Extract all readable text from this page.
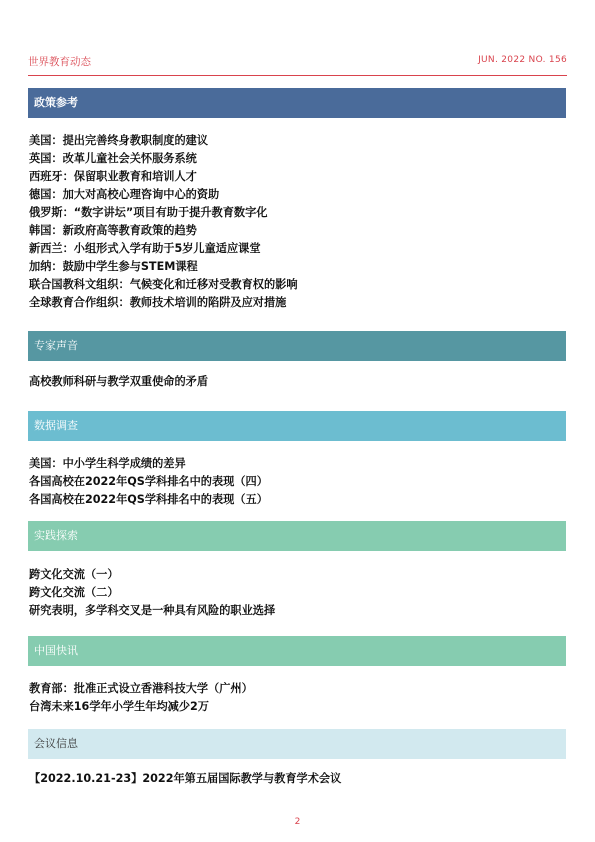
世界教育动态	JUN. 2022 NO. 156
政策参考
美国：提出完善终身教职制度的建议
英国：改革儿童社会关怀服务系统
西班牙：保留职业教育和培训人才
德国：加大对高校心理咨询中心的资助
俄罗斯：“数字讲坛”项目有助于提升教育数字化
韩国：新政府高等教育政策的趋势
新西兰：小组形式入学有助于5岁儿童适应课堂
加纳：鼓励中学生参与STEM课程
联合国教科文组织：气候变化和迁移对受教育权的影响
全球教育合作组织：教师技术培训的陷阱及应对措施
专家声音
高校教师科研与教学双重使命的矛盾
数据调查
美国：中小学生科学成绩的差异
各国高校在2022年QS学科排名中的表现（四）
各国高校在2022年QS学科排名中的表现（五）
实践探索
跨文化交流（一）
跨文化交流（二）
研究表明，多学科交叉是一种具有风险的职业选择
中国快讯
教育部：批准正式设立香港科技大学（广州）
台湾未来16学年小学生年均减少2万
会议信息
【2022.10.21-23】2022年第五届国际教学与教育学术会议
2
